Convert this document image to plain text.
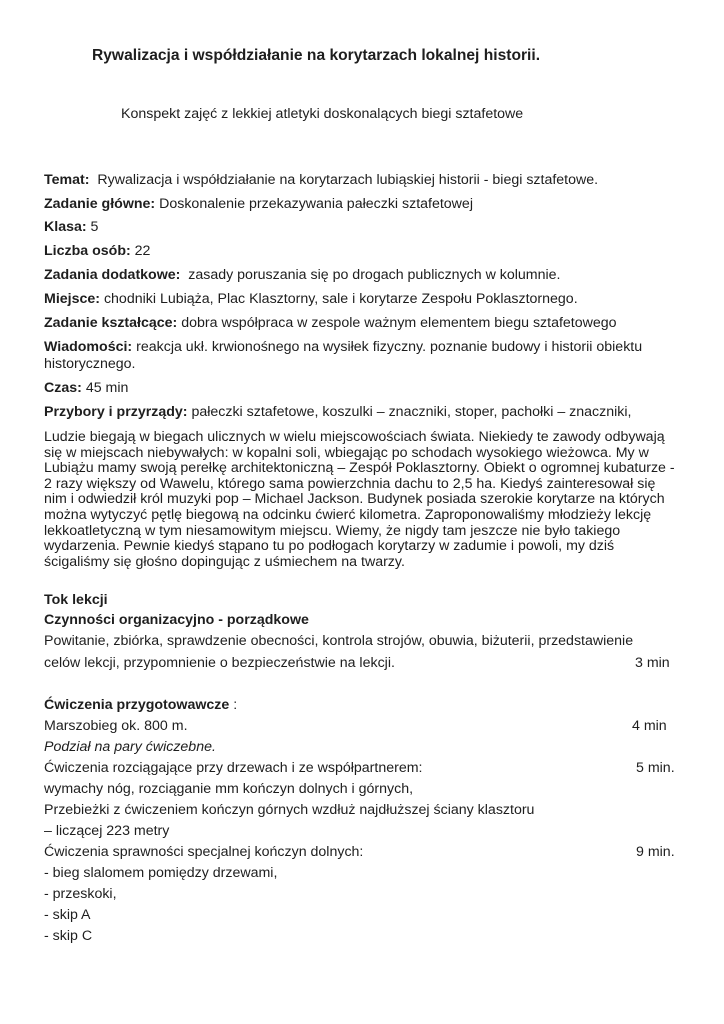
Rywalizacja i współdziałanie na korytarzach lokalnej historii.
Konspekt zajęć z lekkiej atletyki doskonalących biegi sztafetowe
Temat: Rywalizacja i współdziałanie na korytarzach lubiąskiej historii - biegi sztafetowe.
Zadanie główne: Doskonalenie przekazywania pałeczki sztafetowej
Klasa: 5
Liczba osób: 22
Zadania dodatkowe: zasady poruszania się po drogach publicznych w kolumnie.
Miejsce: chodniki Lubiąża, Plac Klasztorny, sale i korytarze Zespołu Poklasztornego.
Zadanie kształcące: dobra współpraca w zespole ważnym elementem biegu sztafetowego
Wiadomości: reakcja ukł. krwionośnego na wysiłek fizyczny. poznanie budowy i historii obiektu
historycznego.
Czas: 45 min
Przybory i przyrządy: pałeczki sztafetowe, koszulki – znaczniki, stoper, pachołki – znaczniki,
Ludzie biegają w biegach ulicznych w wielu miejscowościach świata. Niekiedy te zawody odbywają
się w miejscach niebywałych: w kopalni soli, wbiegając po schodach wysokiego wieżowca. My w
Lubiążu mamy swoją perełkę architektoniczną – Zespół Poklasztorny. Obiekt o ogromnej kubaturze -
2 razy większy od Wawelu, którego sama powierzchnia dachu to 2,5 ha. Kiedyś zainteresował się
nim i odwiedził król muzyki pop – Michael Jackson. Budynek posiada szerokie korytarze na których
można wytyczyć pętlę biegową na odcinku ćwierć kilometra. Zaproponowaliśmy młodzieży lekcję
lekkoatletyczną w tym niesamowitym miejscu. Wiemy, że nigdy tam jeszcze nie było takiego
wydarzenia. Pewnie kiedyś stąpano tu po podłogach korytarzy w zadumie i powoli, my dziś
ścigaliśmy się głośno dopingując z uśmiechem na twarzy.
Tok lekcji
Czynności organizacyjno - porządkowe
Powitanie, zbiórka, sprawdzenie obecności, kontrola strojów, obuwia, biżuterii, przedstawienie
celów lekcji, przypomnienie o bezpieczeństwie na lekcji.	3 min
Ćwiczenia przygotowawcze :
Marszobieg ok. 800 m.	4 min
Podział na pary ćwiczebne.
Ćwiczenia rozciągające przy drzewach i ze współpartnerem:	5 min.
wymachy nóg, rozciąganie mm kończyn dolnych i górnych,
Przebieżki z ćwiczeniem kończyn górnych wzdłuż najdłuższej ściany klasztoru
– liczącej 223 metry
Ćwiczenia sprawności specjalnej kończyn dolnych:	9 min.
- bieg slalomem pomiędzy drzewami,
- przeskoki,
- skip A
- skip C
